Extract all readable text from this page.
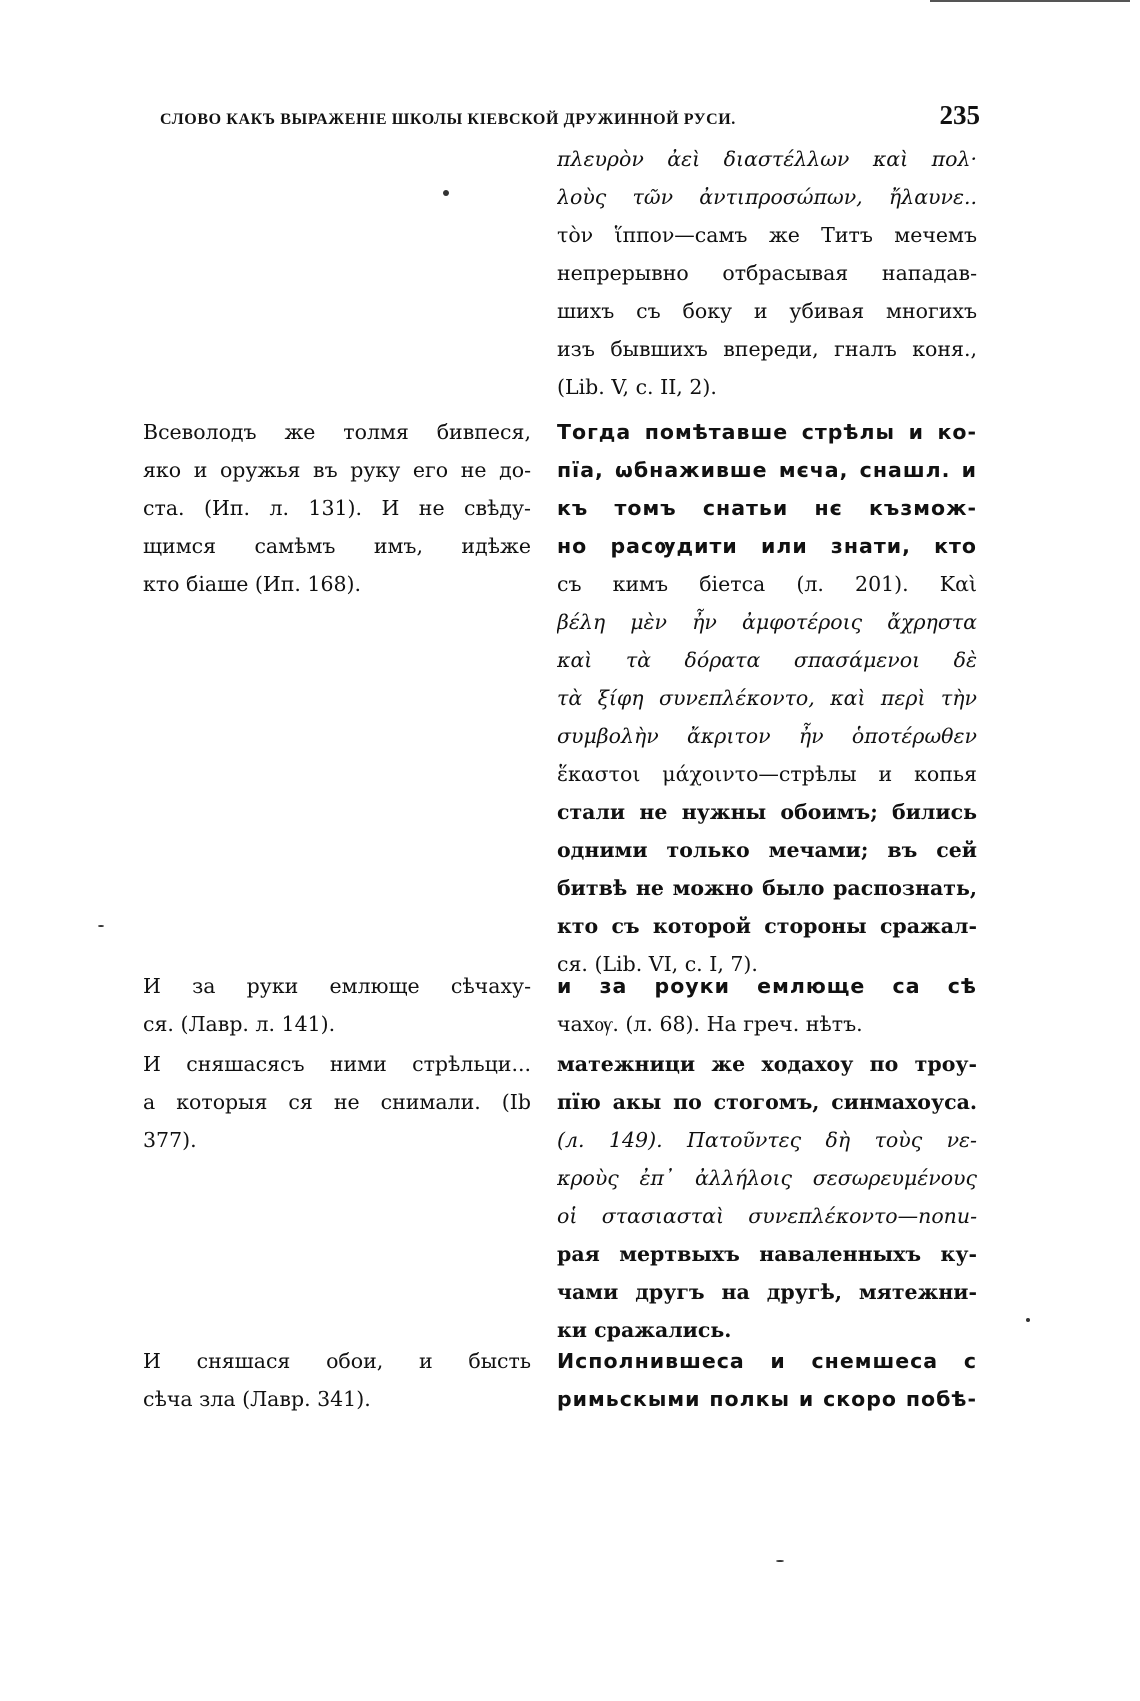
СЛОВО КАКЪ ВЫРАЖЕНІЕ ШКОЛЫ КІЕВСКОЙ ДРУЖИННОЙ РУСИ.	235
Всеволодъ же толмя бивпеся,
яко и оружья въ руку его не до-
ста. (Ип. л. 131). И не свѣду-
щимся самѣмъ имъ, идѣже
кто біаше (Ип. 168).
И за руки емлюще сѣчаху-
ся. (Лавр. л. 141).
И сняшасясъ ними стрѣльци...
а которыя ся не снимали. (Ib
377).
И сняшася обои, и бысть
сѣча зла (Лавр. 341).
πλευρὸν ἀεὶ διαστέλλων καὶ πολ·
λοὺς τῶν ἀντιπροσώπων, ἤλαυνε..
τὸν ἵππον—самъ же Титъ мечемъ
непрерывно отбрасывая нападав-
шихъ съ боку и убивая многихъ
изъ бывшихъ впереди, гналъ коня.,
(Lib. V, c. II, 2).
Тогда помѣтавше стрѣлы и ко-
пїа, ѡбнаживше мєча, снашл. и
къ томъ снатьи нє къзмож-
но расѹдити или знати, кто
съ кимъ біетса (л. 201). Καὶ
βέλη μὲν ἦν ἀμφοτέροις ἄχρηστα
καὶ τὰ δόρατα σπασάμενοι δὲ
τὰ ξίφη συνεπλέκοντο, καὶ περὶ τὴν
συμβολὴν ἄκριτον ἦν ὁποτέρωθεν
ἕκαστοι μάχοιντο—стрѣлы и копья
стали не нужны обоимъ; бились
одними только мечами; въ сей
битвѣ не можно было распознать,
кто съ которой стороны сражал-
ся. (Lib. VI, c. I, 7).
и за роуки емлюще са сѣ
чахѹ. (л. 68). На греч. нѣтъ.
матежници же ходахоу по троу-
пїю акы по стогомъ, синмахоуса.
(л. 149). Πατοῦντες δὴ τοὺς νε-
κροὺς ἐπ᾽ ἀλλήλοις σεσωρευμένους
οἱ στασιασταὶ συνεπλέκοντο—попи-
рая мертвыхъ наваленныхъ ку-
чами другъ на другѣ, мятежни-
ки сражались.
Исполнившеса и снемшеса с
римьскыми полкы и скоро побѣ-
